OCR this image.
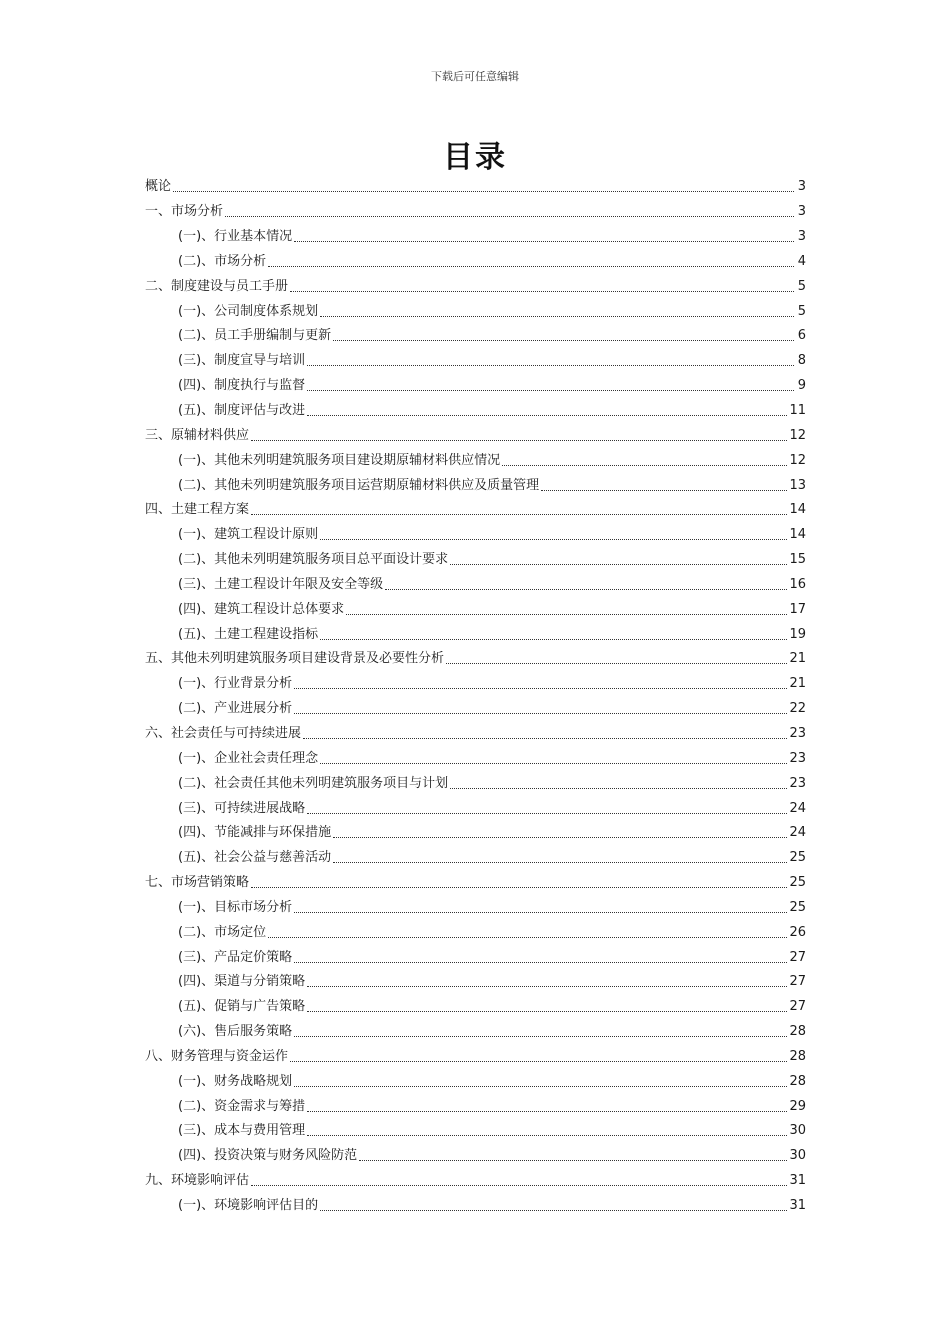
下载后可任意编辑
目录
概论	3
一、市场分析	3
(一)、行业基本情况	3
(二)、市场分析	4
二、制度建设与员工手册	5
(一)、公司制度体系规划	5
(二)、员工手册编制与更新	6
(三)、制度宣导与培训	8
(四)、制度执行与监督	9
(五)、制度评估与改进	11
三、原辅材料供应	12
(一)、其他未列明建筑服务项目建设期原辅材料供应情况	12
(二)、其他未列明建筑服务项目运营期原辅材料供应及质量管理	13
四、土建工程方案	14
(一)、建筑工程设计原则	14
(二)、其他未列明建筑服务项目总平面设计要求	15
(三)、土建工程设计年限及安全等级	16
(四)、建筑工程设计总体要求	17
(五)、土建工程建设指标	19
五、其他未列明建筑服务项目建设背景及必要性分析	21
(一)、行业背景分析	21
(二)、产业进展分析	22
六、社会责任与可持续进展	23
(一)、企业社会责任理念	23
(二)、社会责任其他未列明建筑服务项目与计划	23
(三)、可持续进展战略	24
(四)、节能减排与环保措施	24
(五)、社会公益与慈善活动	25
七、市场营销策略	25
(一)、目标市场分析	25
(二)、市场定位	26
(三)、产品定价策略	27
(四)、渠道与分销策略	27
(五)、促销与广告策略	27
(六)、售后服务策略	28
八、财务管理与资金运作	28
(一)、财务战略规划	28
(二)、资金需求与筹措	29
(三)、成本与费用管理	30
(四)、投资决策与财务风险防范	30
九、环境影响评估	31
(一)、环境影响评估目的	31
